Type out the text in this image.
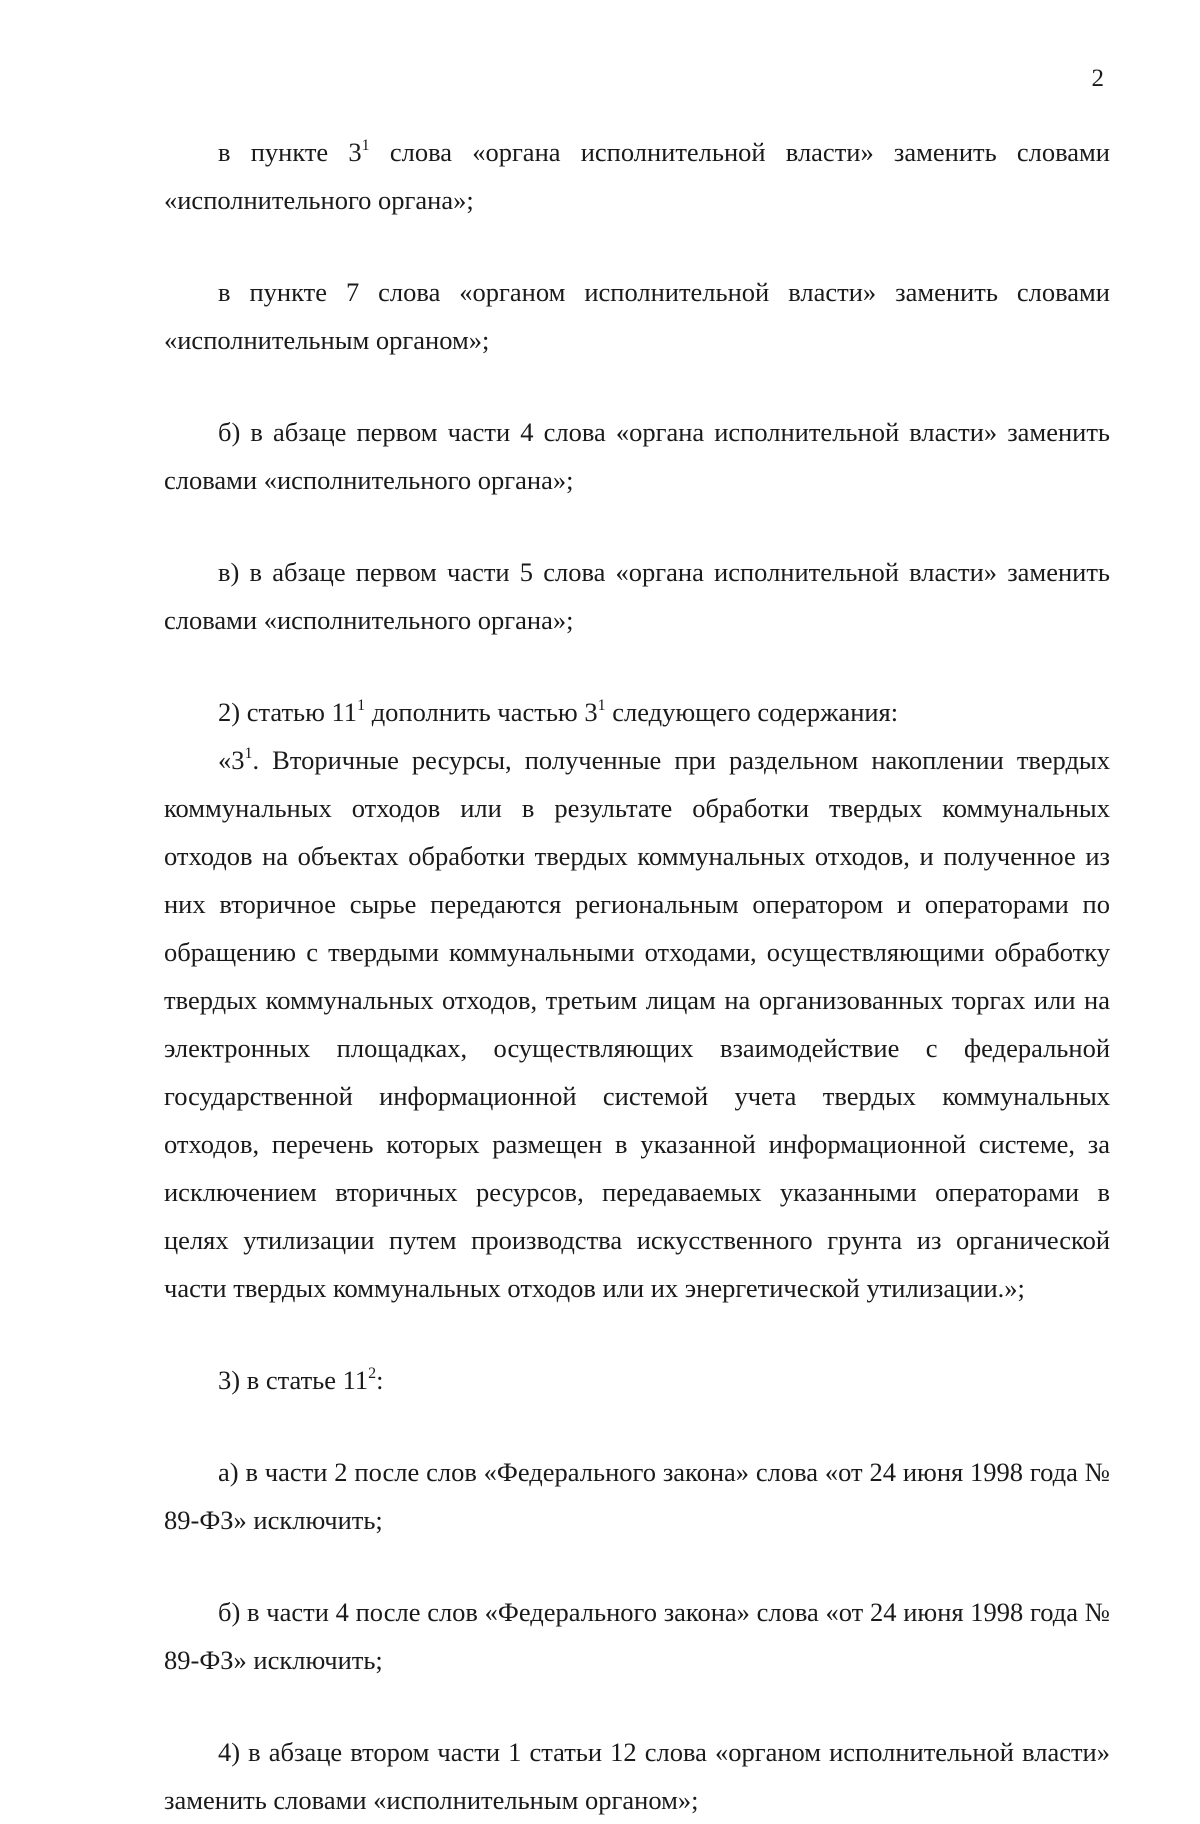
2

в пункте $3^1$ слова «органа исполнительной власти» заменить словами «исполнительного органа»;

в пункте 7 слова «органом исполнительной власти» заменить словами «исполнительным органом»;

б) в абзаце первом части 4 слова «органа исполнительной власти» заменить словами «исполнительного органа»;

в) в абзаце первом части 5 слова «органа исполнительной власти» заменить словами «исполнительного органа»;

2) статью $11^1$ дополнить частью $3^1$ следующего содержания:

«$3^1$. Вторичные ресурсы, полученные при раздельном накоплении твердых коммунальных отходов или в результате обработки твердых коммунальных отходов на объектах обработки твердых коммунальных отходов, и полученное из них вторичное сырье передаются региональным оператором и операторами по обращению с твердыми коммунальными отходами, осуществляющими обработку твердых коммунальных отходов, третьим лицам на организованных торгах или на электронных площадках, осуществляющих взаимодействие с федеральной государственной информационной системой учета твердых коммунальных отходов, перечень которых размещен в указанной информационной системе, за исключением вторичных ресурсов, передаваемых указанными операторами в целях утилизации путем производства искусственного грунта из органической части твердых коммунальных отходов или их энергетической утилизации.»;

3) в статье $11^2$:

а) в части 2 после слов «Федерального закона» слова «от 24 июня 1998 года № 89-ФЗ» исключить;

б) в части 4 после слов «Федерального закона» слова «от 24 июня 1998 года № 89-ФЗ» исключить;

4) в абзаце втором части 1 статьи 12 слова «органом исполнительной власти» заменить словами «исполнительным органом»;
